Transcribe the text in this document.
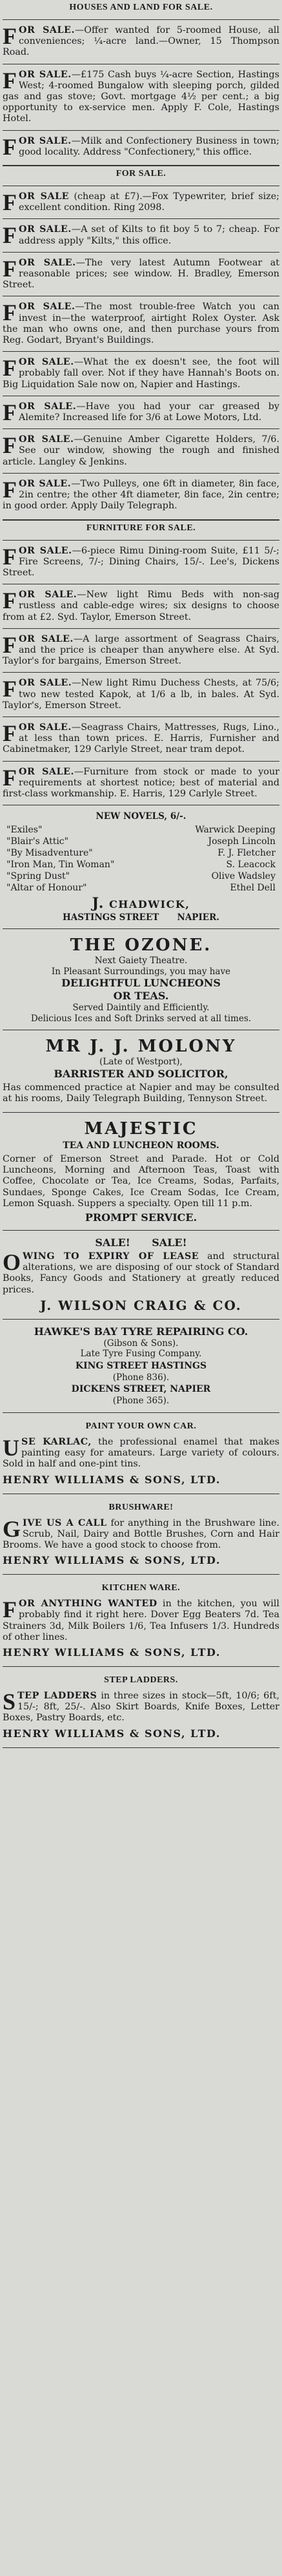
HOUSES AND LAND FOR SALE.

FOR SALE.—Offer wanted for 5-roomed House, all conveniences; ¼-acre land.—Owner, 15 Thompson Road.

FOR SALE.—£175 Cash buys ¼-acre Section, Hastings West; 4-roomed Bungalow with sleeping porch, gilded gas and gas stove; Govt. mortgage 4½ per cent.; a big opportunity to ex-service men. Apply F. Cole, Hastings Hotel.

FOR SALE.—Milk and Confectionery Business in town; good locality. Address "Confectionery," this office.

FOR SALE.

FOR SALE (cheap at £7).—Fox Typewriter, brief size; excellent condition. Ring 2098.

FOR SALE.—A set of Kilts to fit boy 5 to 7; cheap. For address apply "Kilts," this office.

FOR SALE.—The very latest Autumn Footwear at reasonable prices; see window. H. Bradley, Emerson Street.

FOR SALE.—The most trouble-free Watch you can invest in—the waterproof, airtight Rolex Oyster. Ask the man who owns one, and then purchase yours from Reg. Godart, Bryant's Buildings.

FOR SALE.—What the ex doesn't see, the foot will probably fall over. Not if they have Hannah's Boots on. Big Liquidation Sale now on, Napier and Hastings.

FOR SALE.—Have you had your car greased by Alemite? Increased life for 3/6 at Lowe Motors, Ltd.

FOR SALE.—Genuine Amber Cigarette Holders, 7/6. See our window, showing the rough and finished article. Langley & Jenkins.

FOR SALE.—Two Pulleys, one 6ft in diameter, 8in face, 2in centre; the other 4ft diameter, 8in face, 2in centre; in good order. Apply Daily Telegraph.

FURNITURE FOR SALE.

FOR SALE.—6-piece Rimu Dining-room Suite, £11 5/-; Fire Screens, 7/-; Dining Chairs, 15/-. Lee's, Dickens Street.

FOR SALE.—New light Rimu Beds with non-sag rustless and cable-edge wires; six designs to choose from at £2. Syd. Taylor, Emerson Street.

FOR SALE.—A large assortment of Seagrass Chairs, and the price is cheaper than anywhere else. At Syd. Taylor's for bargains, Emerson Street.

FOR SALE.—New light Rimu Duchess Chests, at 75/6; two new tested Kapok, at 1/6 a lb, in bales. At Syd. Taylor's, Emerson Street.

FOR SALE.—Seagrass Chairs, Mattresses, Rugs, Lino., at less than town prices. E. Harris, Furnisher and Cabinetmaker, 129 Carlyle Street, near tram depot.

FOR SALE.—Furniture from stock or made to your requirements at shortest notice; best of material and first-class workmanship. E. Harris, 129 Carlyle Street.

NEW NOVELS, 6/-.
"Exiles"	Warwick Deeping
"Blair's Attic"	Joseph Lincoln
"By Misadventure"	F. J. Fletcher
"Iron Man, Tin Woman"	S. Leacock
"Spring Dust"	Olive Wadsley
"Altar of Honour"	Ethel Dell
J. CHADWICK,
HASTINGS STREET      NAPIER.
THE OZONE.
Next Gaiety Theatre.
In Pleasant Surroundings, you may have
DELIGHTFUL LUNCHEONS
OR TEAS.
Served Daintily and Efficiently.
Delicious Ices and Soft Drinks served at all times.
MR J. J. MOLONY
(Late of Westport),
BARRISTER AND SOLICITOR,

Has commenced practice at Napier and may be consulted at his rooms, Daily Telegraph Building, Tennyson Street.

MAJESTIC
TEA AND LUNCHEON ROOMS.

Corner of Emerson Street and Parade. Hot or Cold Luncheons, Morning and Afternoon Teas, Toast with Coffee, Chocolate or Tea, Ice Creams, Sodas, Parfaits, Sundaes, Sponge Cakes, Ice Cream Sodas, Ice Cream, Lemon Squash. Suppers a specialty. Open till 11 p.m.

PROMPT SERVICE.
SALE!      SALE!

OWING TO EXPIRY OF LEASE and structural alterations, we are disposing of our stock of Standard Books, Fancy Goods and Stationery at greatly reduced prices.

J. WILSON CRAIG & CO.
HAWKE'S BAY TYRE REPAIRING CO.
(Gibson & Sons).
Late Tyre Fusing Company.
KING STREET HASTINGS
(Phone 836).
DICKENS STREET, NAPIER
(Phone 365).
PAINT YOUR OWN CAR.

USE KARLAC, the professional enamel that makes painting easy for amateurs. Large variety of colours. Sold in half and one-pint tins.

HENRY WILLIAMS & SONS, LTD.
BRUSHWARE!

GIVE US A CALL for anything in the Brushware line. Scrub, Nail, Dairy and Bottle Brushes, Corn and Hair Brooms. We have a good stock to choose from.

HENRY WILLIAMS & SONS, LTD.
KITCHEN WARE.

FOR ANYTHING WANTED in the kitchen, you will probably find it right here. Dover Egg Beaters 7d. Tea Strainers 3d, Milk Boilers 1/6, Tea Infusers 1/3. Hundreds of other lines.

HENRY WILLIAMS & SONS, LTD.
STEP LADDERS.

STEP LADDERS in three sizes in stock—5ft, 10/6; 6ft, 15/-; 8ft, 25/-. Also Skirt Boards, Knife Boxes, Letter Boxes, Pastry Boards, etc.

HENRY WILLIAMS & SONS, LTD.
